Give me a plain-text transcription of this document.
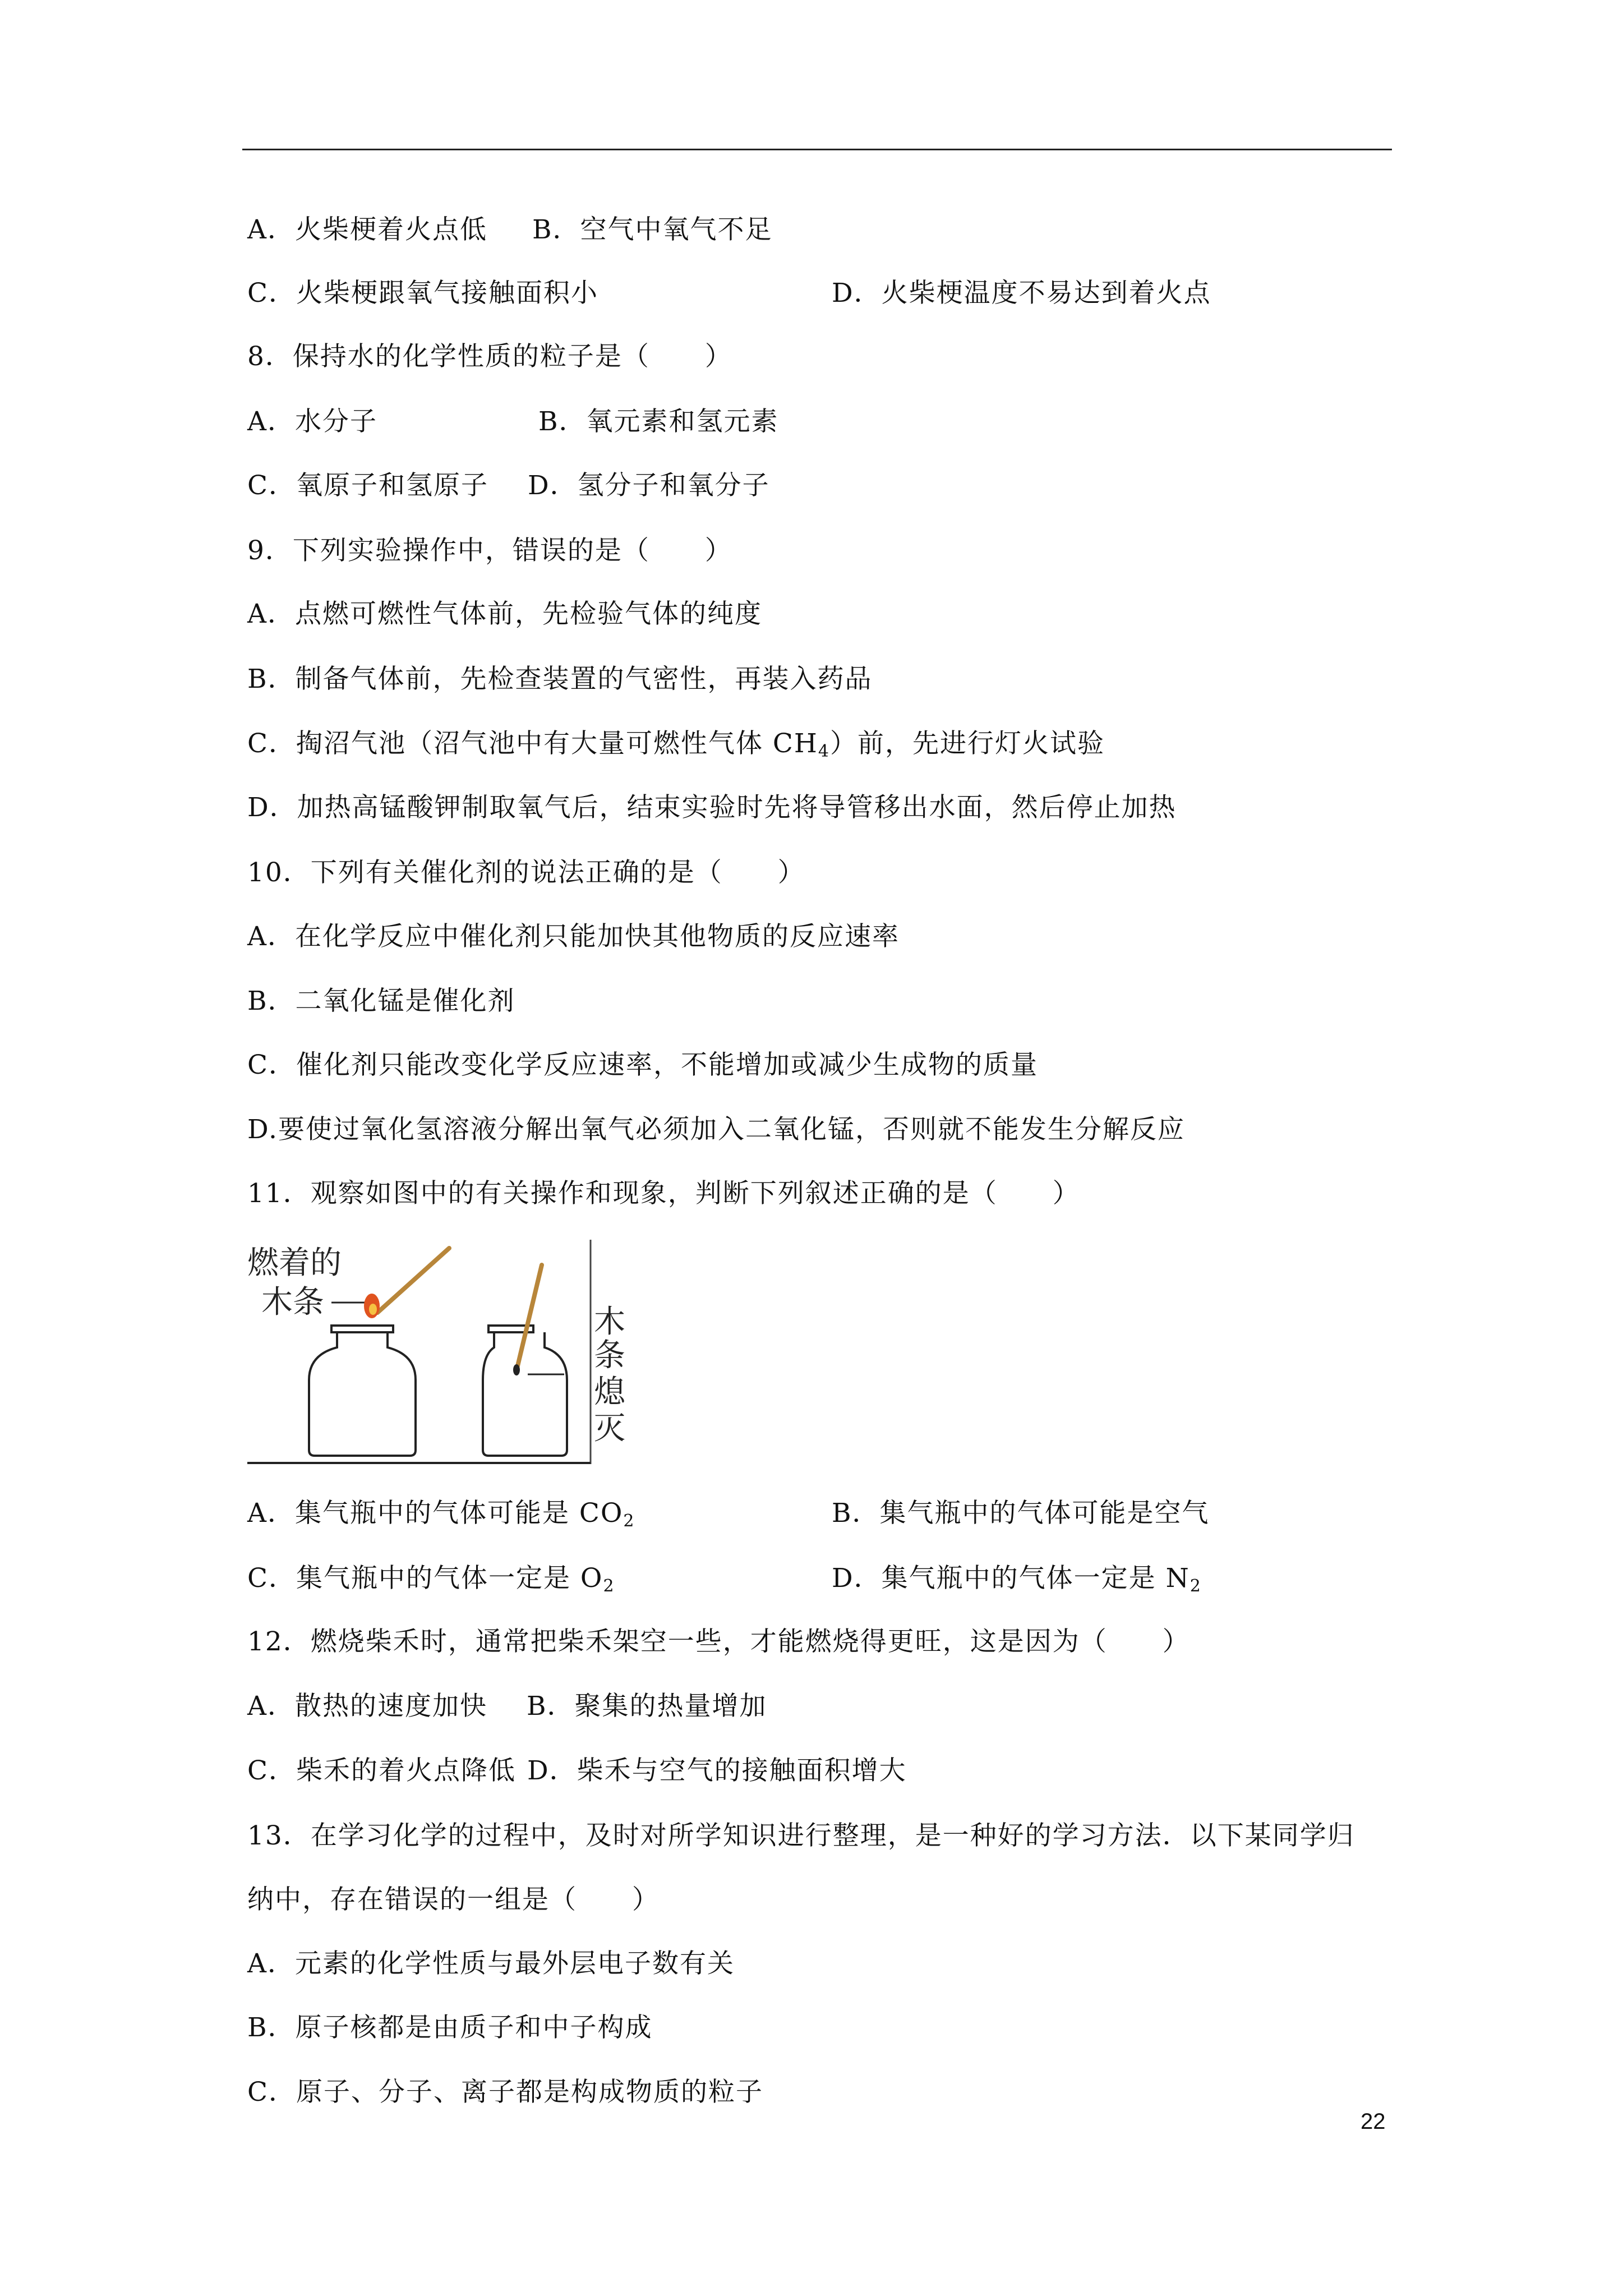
A．火柴梗着火点低 B．空气中氧气不足
C．火柴梗跟氧气接触面积小	D．火柴梗温度不易达到着火点
8．保持水的化学性质的粒子是（　　）
A．水分子	B．氧元素和氢元素
C．氧原子和氢原子 D．氢分子和氧分子
9．下列实验操作中，错误的是（　　）
A．点燃可燃性气体前，先检验气体的纯度
B．制备气体前，先检查装置的气密性，再装入药品
C．掏沼气池（沼气池中有大量可燃性气体 $CH_4$）前，先进行灯火试验
D．加热高锰酸钾制取氧气后，结束实验时先将导管移出水面，然后停止加热
10．下列有关催化剂的说法正确的是（　　）
A．在化学反应中催化剂只能加快其他物质的反应速率
B．二氧化锰是催化剂
C．催化剂只能改变化学反应速率，不能增加或减少生成物的质量
D.要使过氧化氢溶液分解出氧气必须加入二氧化锰，否则就不能发生分解反应
11．观察如图中的有关操作和现象，判断下列叙述正确的是（　　）
燃着的
木条
木
条
熄
灭
A．集气瓶中的气体可能是 $CO_2$	B．集气瓶中的气体可能是空气
C．集气瓶中的气体一定是 $O_2$	D．集气瓶中的气体一定是 $N_2$
12．燃烧柴禾时，通常把柴禾架空一些，才能燃烧得更旺，这是因为（　　）
A．散热的速度加快 B．聚集的热量增加
C．柴禾的着火点降低 D．柴禾与空气的接触面积增大
13．在学习化学的过程中，及时对所学知识进行整理，是一种好的学习方法．以下某同学归
纳中，存在错误的一组是（　　）
A．元素的化学性质与最外层电子数有关
B．原子核都是由质子和中子构成
C．原子、分子、离子都是构成物质的粒子
22
